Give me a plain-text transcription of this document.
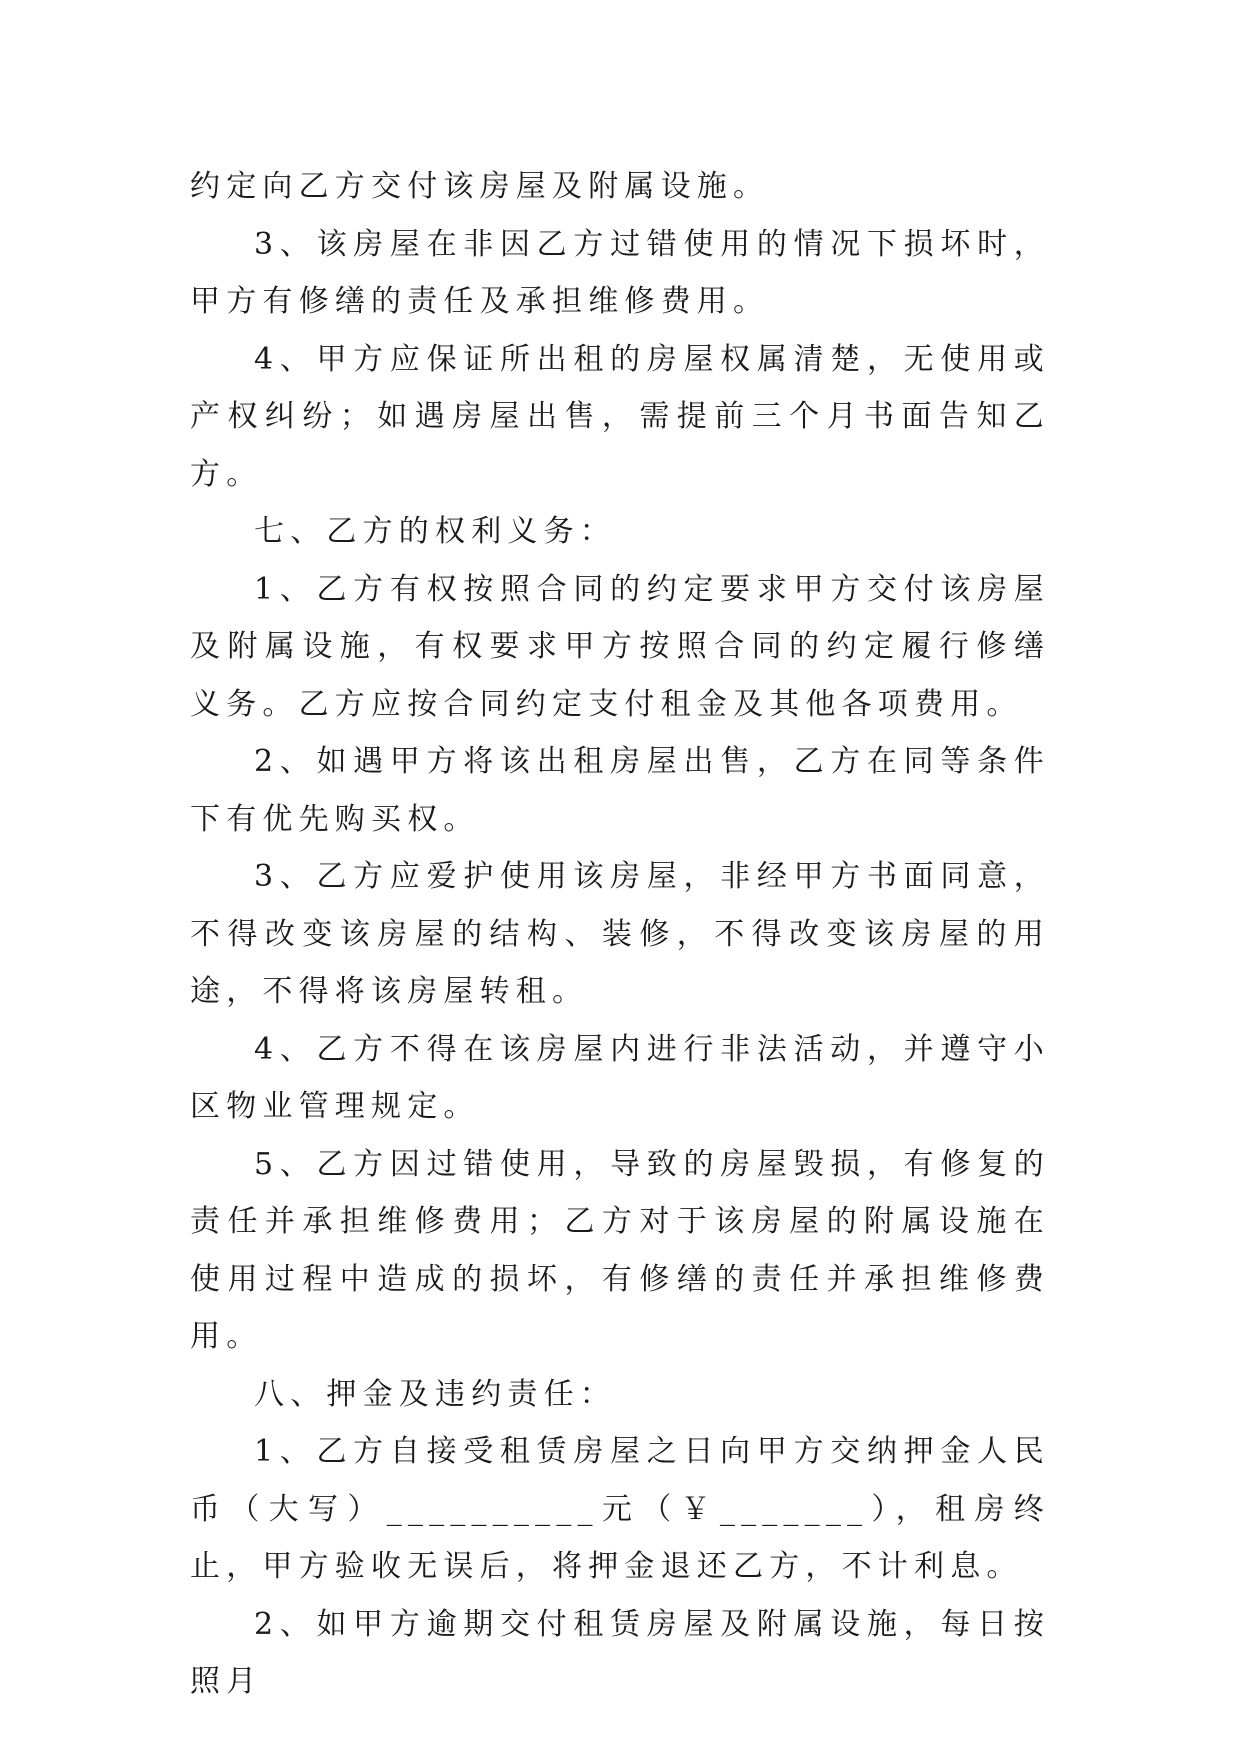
约定向乙方交付该房屋及附属设施。

3、该房屋在非因乙方过错使用的情况下损坏时，甲方有修缮的责任及承担维修费用。

4、甲方应保证所出租的房屋权属清楚，无使用或产权纠纷；如遇房屋出售，需提前三个月书面告知乙方。

七、乙方的权利义务：

1、乙方有权按照合同的约定要求甲方交付该房屋及附属设施，有权要求甲方按照合同的约定履行修缮义务。乙方应按合同约定支付租金及其他各项费用。

2、如遇甲方将该出租房屋出售，乙方在同等条件下有优先购买权。

3、乙方应爱护使用该房屋，非经甲方书面同意，不得改变该房屋的结构、装修，不得改变该房屋的用途，不得将该房屋转租。

4、乙方不得在该房屋内进行非法活动，并遵守小区物业管理规定。

5、乙方因过错使用，导致的房屋毁损，有修复的责任并承担维修费用；乙方对于该房屋的附属设施在使用过程中造成的损坏，有修缮的责任并承担维修费用。

八、押金及违约责任：

1、乙方自接受租赁房屋之日向甲方交纳押金人民币（大写）__________元（￥_______），租房终止，甲方验收无误后，将押金退还乙方，不计利息。

2、如甲方逾期交付租赁房屋及附属设施，每日按照月
